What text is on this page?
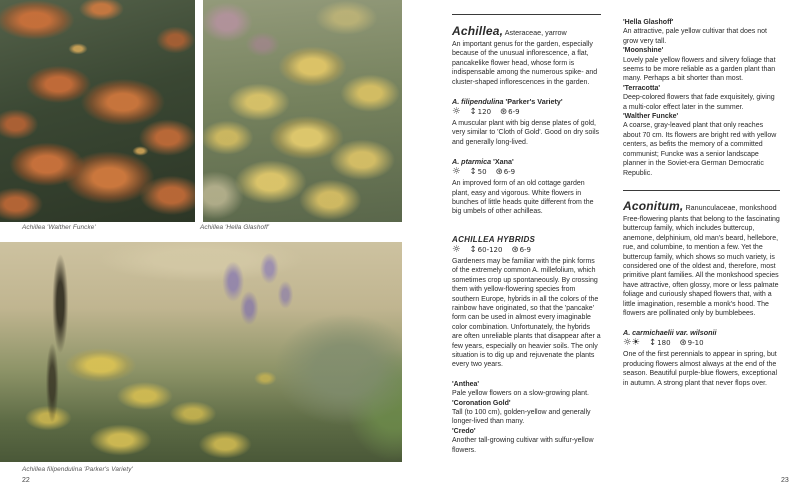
Achillea 'Walther Funcke'	Achillea 'Hella Glashoff'
Achillea filipendulina 'Parker's Variety'
22
Achillea, Asteraceae, yarrow

An important genus for the garden, especially because of the unusual inflorescence, a flat, pancakelike flower head, whose form is indispensable among the numerous spike- and cluster-shaped inflorescences in the garden.

A. filipendulina 'Parker's Variety'
☼ ↕ 120 ⊛ 6-9

A muscular plant with big dense plates of gold, very similar to 'Cloth of Gold'. Good on dry soils and generally long-lived.

A. ptarmica 'Xana'
☼ ↕ 50 ⊛ 6-9

An improved form of an old cottage garden plant, easy and vigorous. White flowers in bunches of little heads quite different from the big umbels of other achilleas.

ACHILLEA HYBRIDS
☼ ↕ 60-120 ⊛ 6-9

Gardeners may be familiar with the pink forms of the extremely common A. millefolium, which sometimes crop up spontaneously. By crossing them with yellow-flowering species from southern Europe, hybrids in all the colors of the rainbow have originated, so that the 'pancake' form can be used in almost every imaginable color combination. Unfortunately, the hybrids are often unreliable plants that disappear after a few years, especially on heavier soils. The only situation is to dig up and rejuvenate the plants every two years.

'Anthea'

Pale yellow flowers on a slow-growing plant.

'Coronation Gold'

Tall (to 100 cm), golden-yellow and generally longer-lived than many.

'Credo'

Another tall-growing cultivar with sulfur-yellow flowers.

'Hella Glashoff'

An attractive, pale yellow cultivar that does not grow very tall.

'Moonshine'

Lovely pale yellow flowers and silvery foliage that seems to be more reliable as a garden plant than many. Perhaps a bit shorter than most.

'Terracotta'

Deep-colored flowers that fade exquisitely, giving a multi-color effect later in the summer.

'Walther Funcke'

A coarse, gray-leaved plant that only reaches about 70 cm. Its flowers are bright red with yellow centers, as befits the memory of a committed communist; Funcke was a senior landscape planner in the Soviet-era German Democratic Republic.

Aconitum, Ranunculaceae, monkshood

Free-flowering plants that belong to the fascinating buttercup family, which includes buttercup, anemone, delphinium, old man's beard, hellebore, rue, and columbine, to mention a few. Yet the buttercup family, which shows so much variety, is considered one of the oldest and, therefore, most primitive plant families. All the monkshood species have attractive, often glossy, more or less palmate foliage and curiously shaped flowers that, with a little imagination, resemble a monk's hood. The flowers are pollinated only by bumblebees.

A. carmichaelii var. wilsonii
☼☀ ↕ 180 ⊛ 9-10

One of the first perennials to appear in spring, but producing flowers almost always at the end of the season. Beautiful purple-blue flowers, exceptional in autumn. A strong plant that never flops over.

23
